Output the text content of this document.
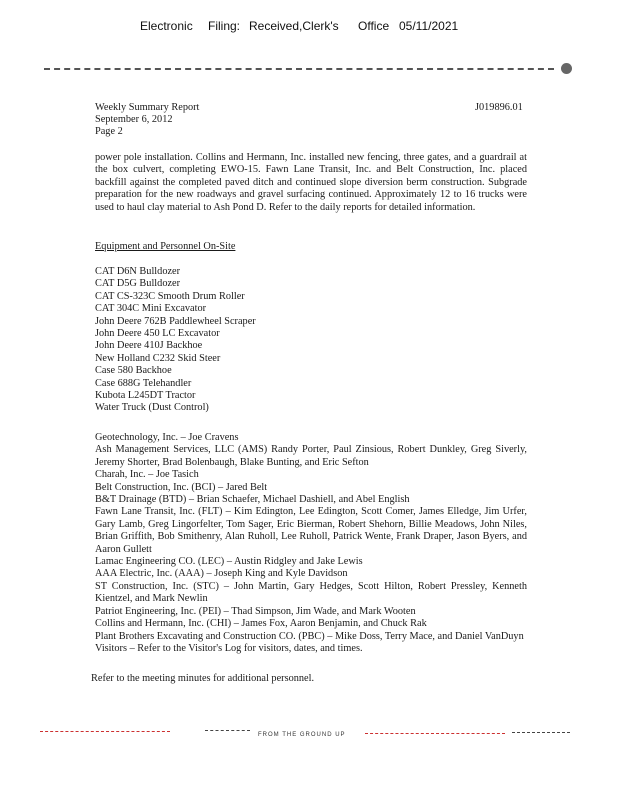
Electronic Filing: Received,Clerk's Office 05/11/2021
Weekly Summary Report
September 6, 2012
Page 2
J019896.01
power pole installation. Collins and Hermann, Inc. installed new fencing, three gates, and a guardrail at the box culvert, completing EWO-15. Fawn Lane Transit, Inc. and Belt Construction, Inc. placed backfill against the completed paved ditch and continued slope diversion berm construction. Subgrade preparation for the new roadways and gravel surfacing continued. Approximately 12 to 16 trucks were used to haul clay material to Ash Pond D. Refer to the daily reports for detailed information.
Equipment and Personnel On-Site
CAT D6N Bulldozer
CAT D5G Bulldozer
CAT CS-323C Smooth Drum Roller
CAT 304C Mini Excavator
John Deere 762B Paddlewheel Scraper
John Deere 450 LC Excavator
John Deere 410J Backhoe
New Holland C232 Skid Steer
Case 580 Backhoe
Case 688G Telehandler
Kubota L245DT Tractor
Water Truck (Dust Control)
Geotechnology, Inc. – Joe Cravens
Ash Management Services, LLC (AMS) Randy Porter, Paul Zinsious, Robert Dunkley, Greg Siverly, Jeremy Shorter, Brad Bolenbaugh, Blake Bunting, and Eric Sefton
Charah, Inc. – Joe Tasich
Belt Construction, Inc. (BCI) – Jared Belt
B&T Drainage (BTD) – Brian Schaefer, Michael Dashiell, and Abel English
Fawn Lane Transit, Inc. (FLT) – Kim Edington, Lee Edington, Scott Comer, James Elledge, Jim Urfer, Gary Lamb, Greg Lingorfelter, Tom Sager, Eric Bierman, Robert Shehorn, Billie Meadows, John Niles, Brian Griffith, Bob Smithenry, Alan Ruholl, Lee Ruholl, Patrick Wente, Frank Draper, Jason Byers, and Aaron Gullett
Lamac Engineering CO. (LEC) – Austin Ridgley and Jake Lewis
AAA Electric, Inc. (AAA) – Joseph King and Kyle Davidson
ST Construction, Inc. (STC) – John Martin, Gary Hedges, Scott Hilton, Robert Pressley, Kenneth Kientzel, and Mark Newlin
Patriot Engineering, Inc. (PEI) – Thad Simpson, Jim Wade, and Mark Wooten
Collins and Hermann, Inc. (CHI) – James Fox, Aaron Benjamin, and Chuck Rak
Plant Brothers Excavating and Construction CO. (PBC) – Mike Doss, Terry Mace, and Daniel VanDuyn
Visitors – Refer to the Visitor's Log for visitors, dates, and times.
Refer to the meeting minutes for additional personnel.
FROM THE GROUND UP
